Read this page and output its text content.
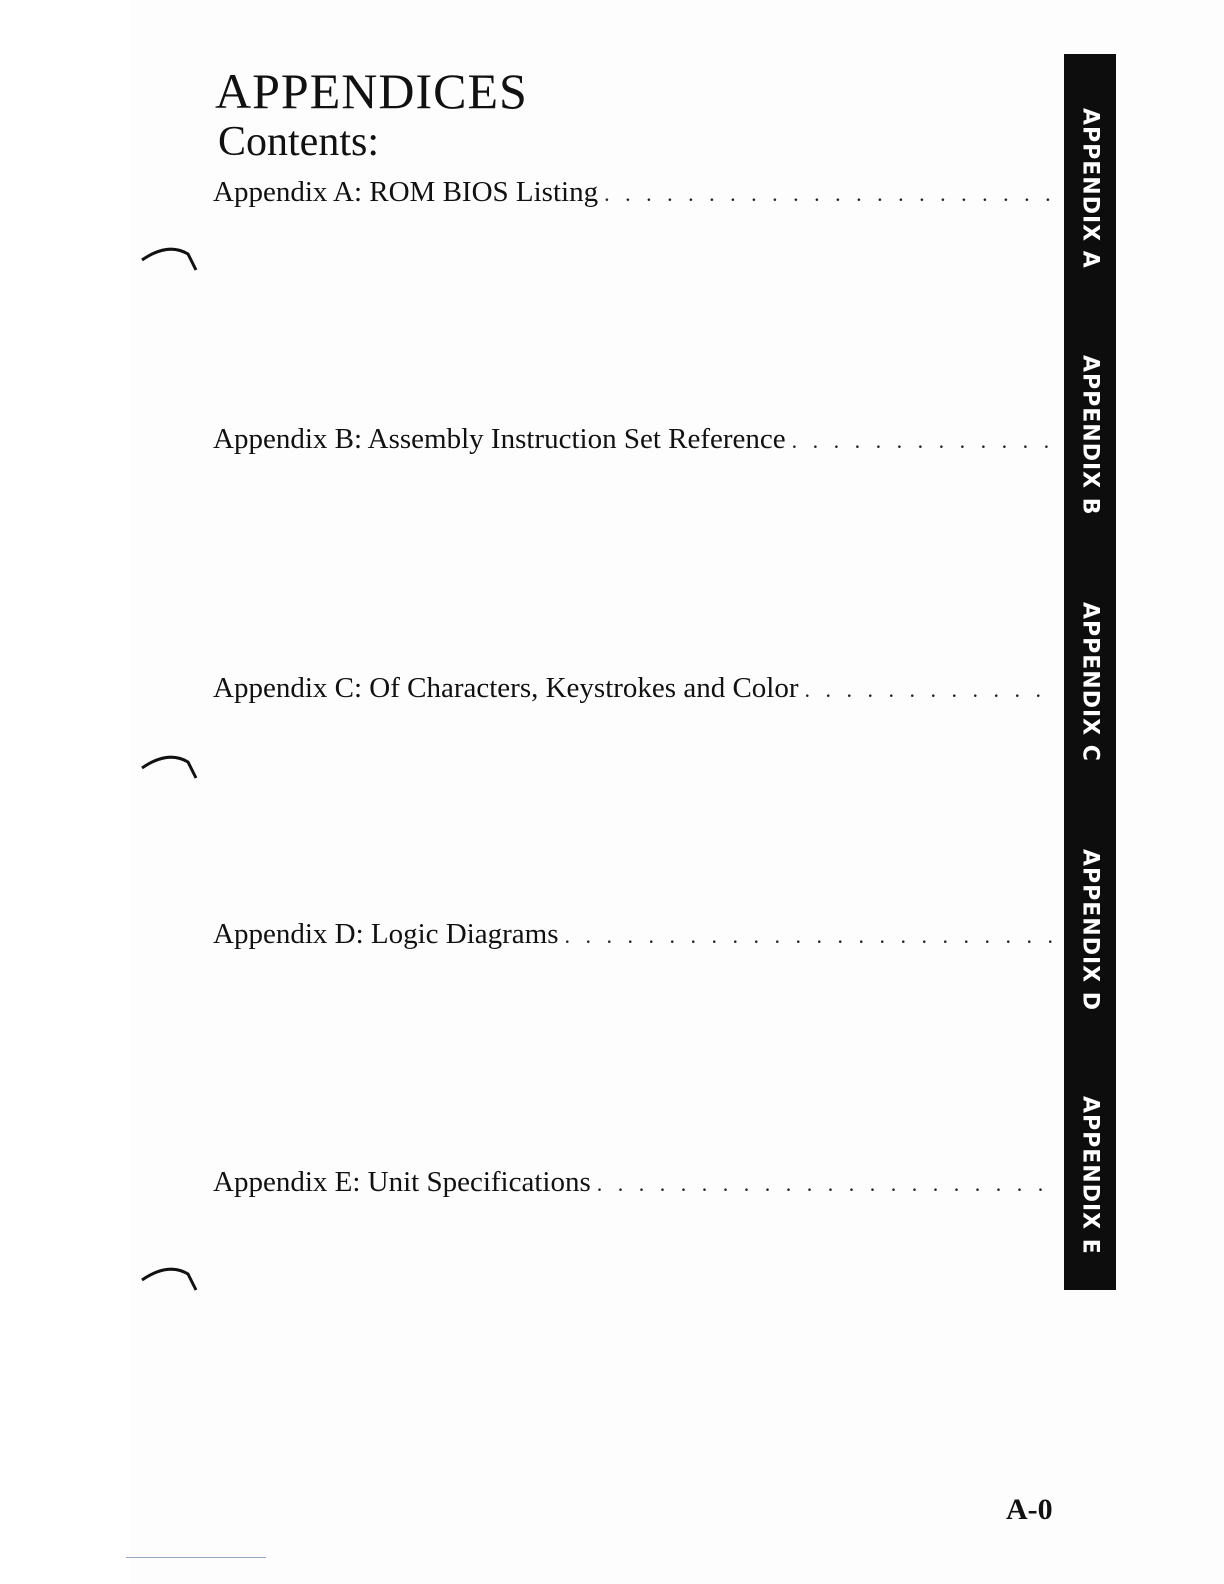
APPENDICES
Contents:
Appendix A: ROM BIOS Listing
. . .
Appendix B: Assembly Instruction Set Reference
. . .
Appendix C: Of Characters, Keystrokes and Color
. . .
Appendix D: Logic Diagrams
. . .
Appendix E: Unit Specifications
. . .
APPENDIX A
APPENDIX B
APPENDIX C
APPENDIX D
APPENDIX E
A-0
